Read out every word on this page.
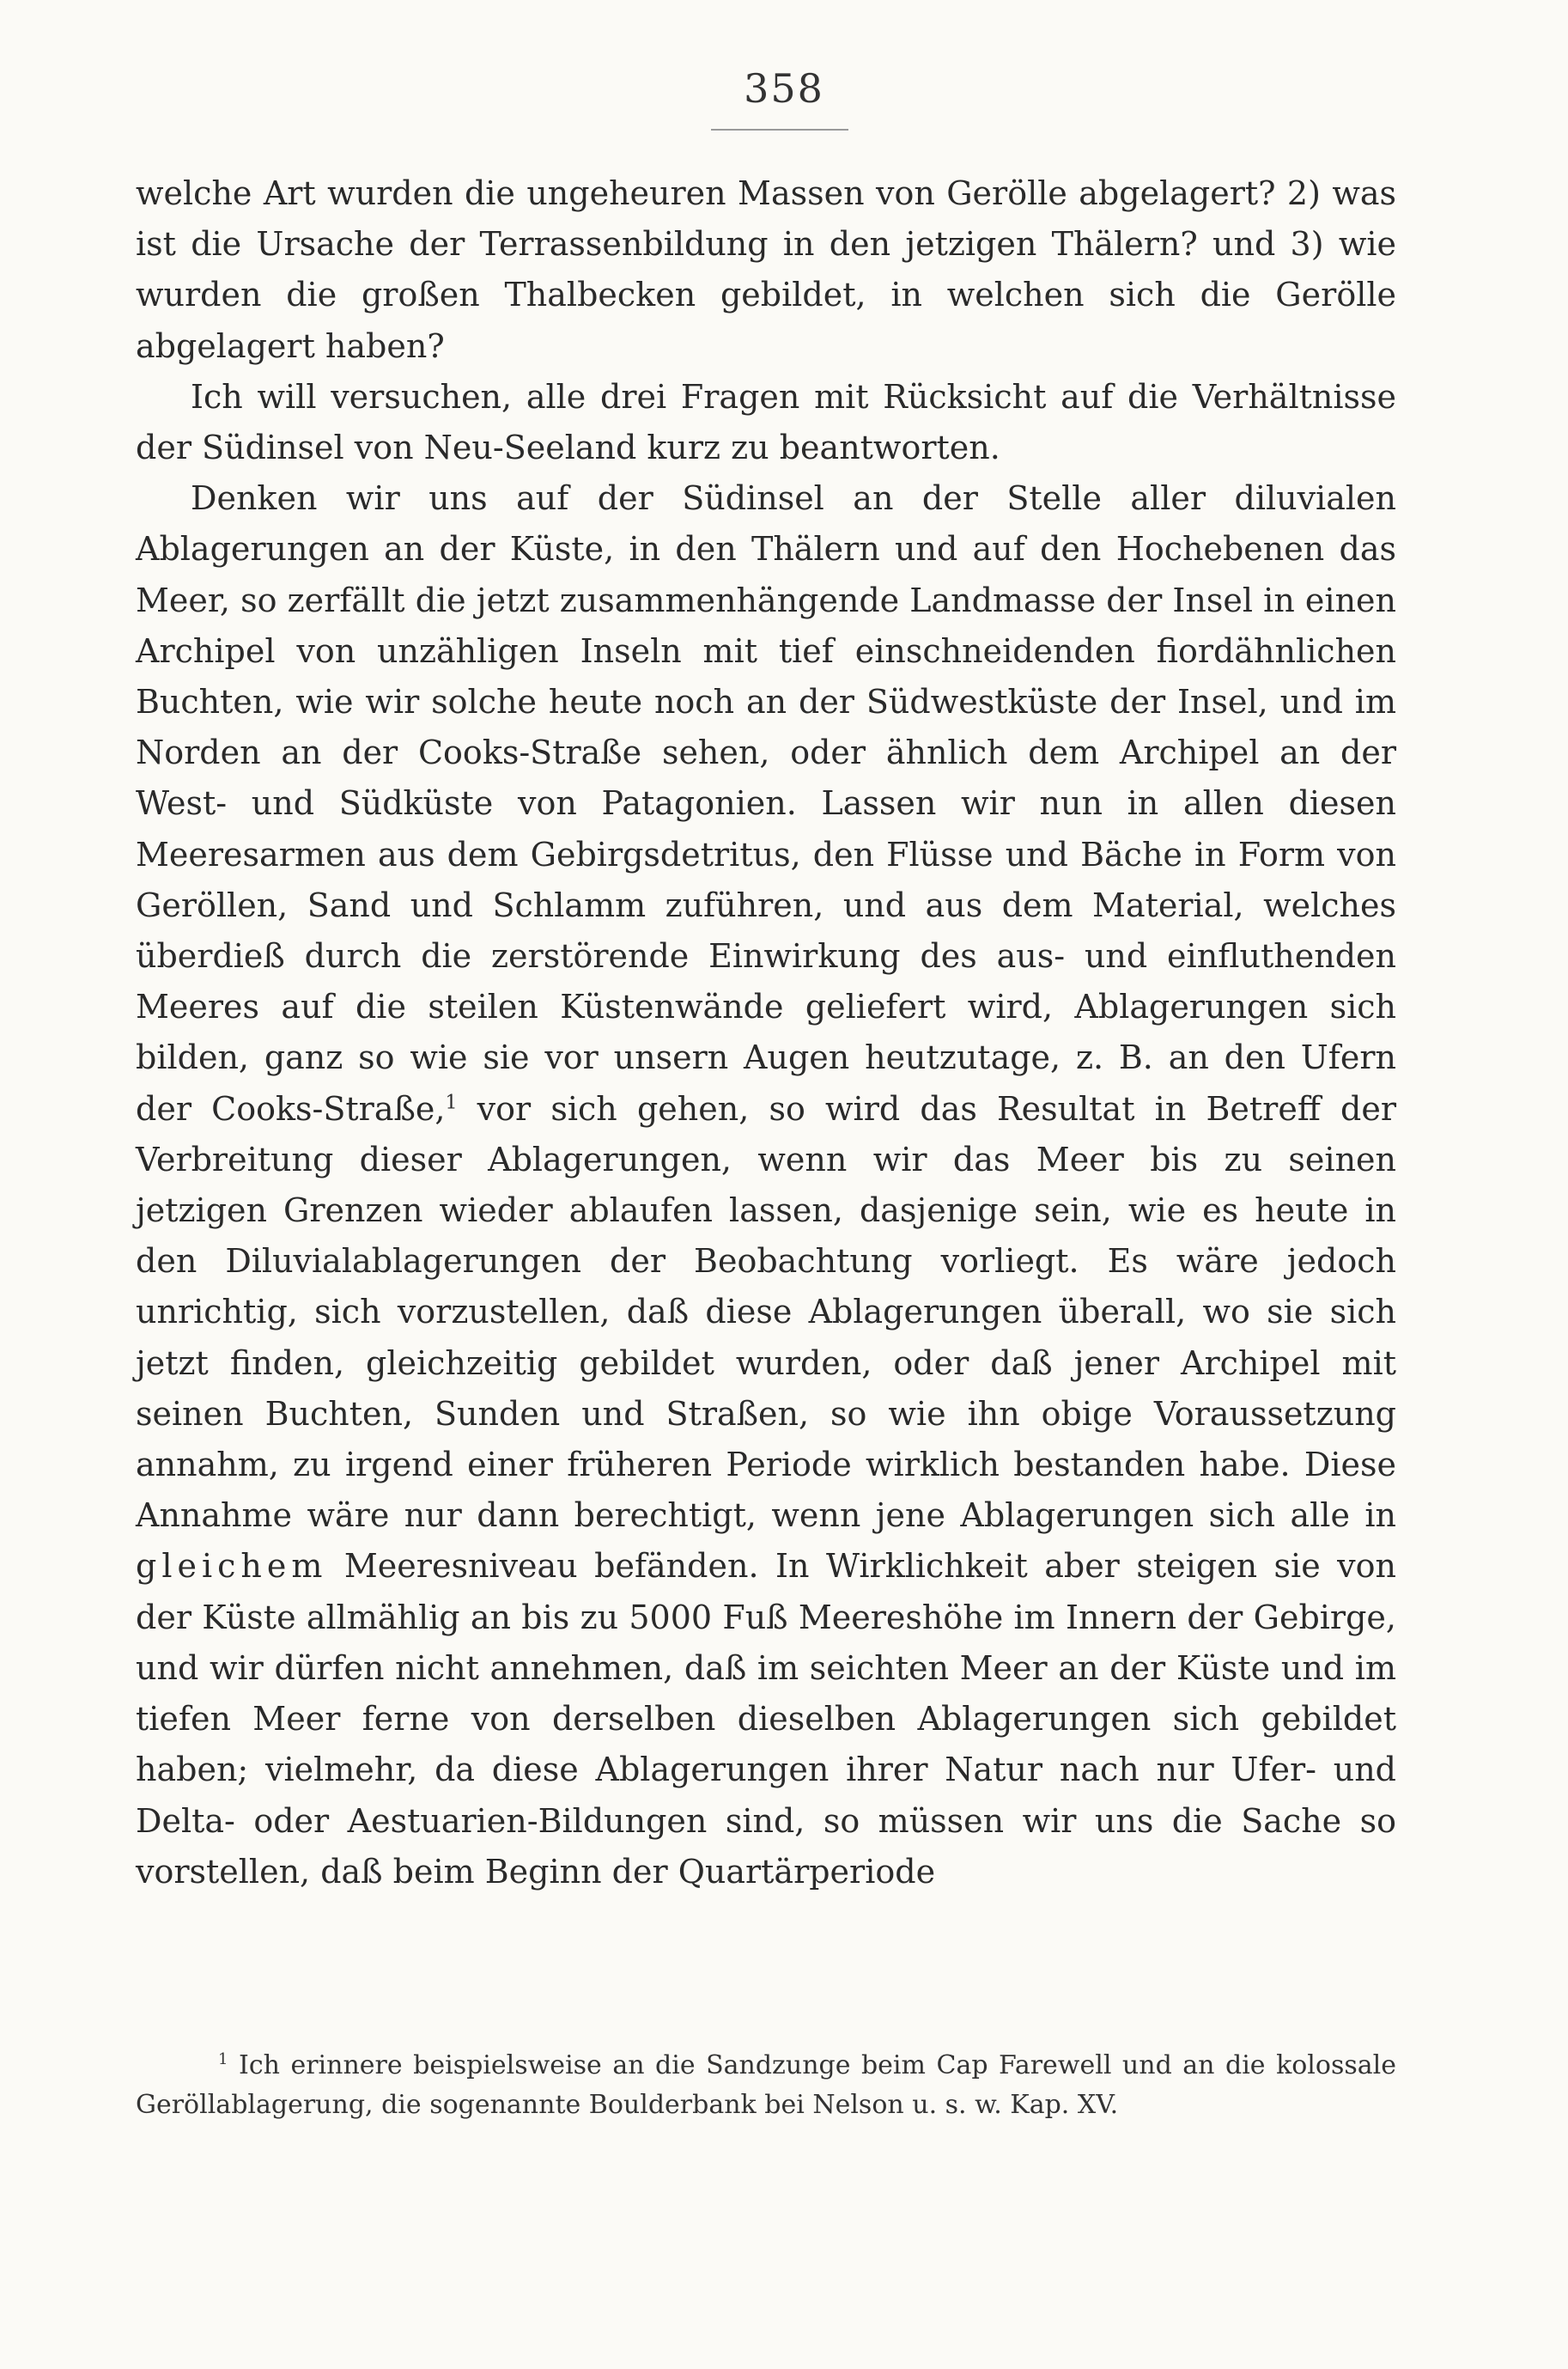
358

welche Art wurden die ungeheuren Massen von Gerölle abgelagert? 2) was ist die Ursache der Terrassenbildung in den jetzigen Thälern? und 3) wie wurden die großen Thalbecken gebildet, in welchen sich die Gerölle abgelagert haben?

Ich will versuchen, alle drei Fragen mit Rücksicht auf die Verhältnisse der Südinsel von Neu-Seeland kurz zu beantworten.

Denken wir uns auf der Südinsel an der Stelle aller diluvialen Ablagerungen an der Küste, in den Thälern und auf den Hochebenen das Meer, so zerfällt die jetzt zusammenhängende Landmasse der Insel in einen Archipel von unzähligen Inseln mit tief einschneidenden fiordähnlichen Buchten, wie wir solche heute noch an der Südwestküste der Insel, und im Norden an der Cooks-Straße sehen, oder ähnlich dem Archipel an der West- und Südküste von Patagonien. Lassen wir nun in allen diesen Meeresarmen aus dem Gebirgsdetritus, den Flüsse und Bäche in Form von Geröllen, Sand und Schlamm zuführen, und aus dem Material, welches überdieß durch die zerstörende Einwirkung des aus- und einfluthenden Meeres auf die steilen Küstenwände geliefert wird, Ablagerungen sich bilden, ganz so wie sie vor unsern Augen heutzutage, z. B. an den Ufern der Cooks-Straße,$^1$ vor sich gehen, so wird das Resultat in Betreff der Verbreitung dieser Ablagerungen, wenn wir das Meer bis zu seinen jetzigen Grenzen wieder ablaufen lassen, dasjenige sein, wie es heute in den Diluvialablagerungen der Beobachtung vorliegt. Es wäre jedoch unrichtig, sich vorzustellen, daß diese Ablagerungen überall, wo sie sich jetzt finden, gleichzeitig gebildet wurden, oder daß jener Archipel mit seinen Buchten, Sunden und Straßen, so wie ihn obige Voraussetzung annahm, zu irgend einer früheren Periode wirklich bestanden habe. Diese Annahme wäre nur dann berechtigt, wenn jene Ablagerungen sich alle in gleichem Meeresniveau befänden. In Wirklichkeit aber steigen sie von der Küste allmählig an bis zu 5000 Fuß Meereshöhe im Innern der Gebirge, und wir dürfen nicht annehmen, daß im seichten Meer an der Küste und im tiefen Meer ferne von derselben dieselben Ablagerungen sich gebildet haben; vielmehr, da diese Ablagerungen ihrer Natur nach nur Ufer- und Delta- oder Aestuarien-Bildungen sind, so müssen wir uns die Sache so vorstellen, daß beim Beginn der Quartärperiode

$^1$ Ich erinnere beispielsweise an die Sandzunge beim Cap Farewell und an die kolossale Geröllablagerung, die sogenannte Boulderbank bei Nelson u. s. w. Kap. XV.
